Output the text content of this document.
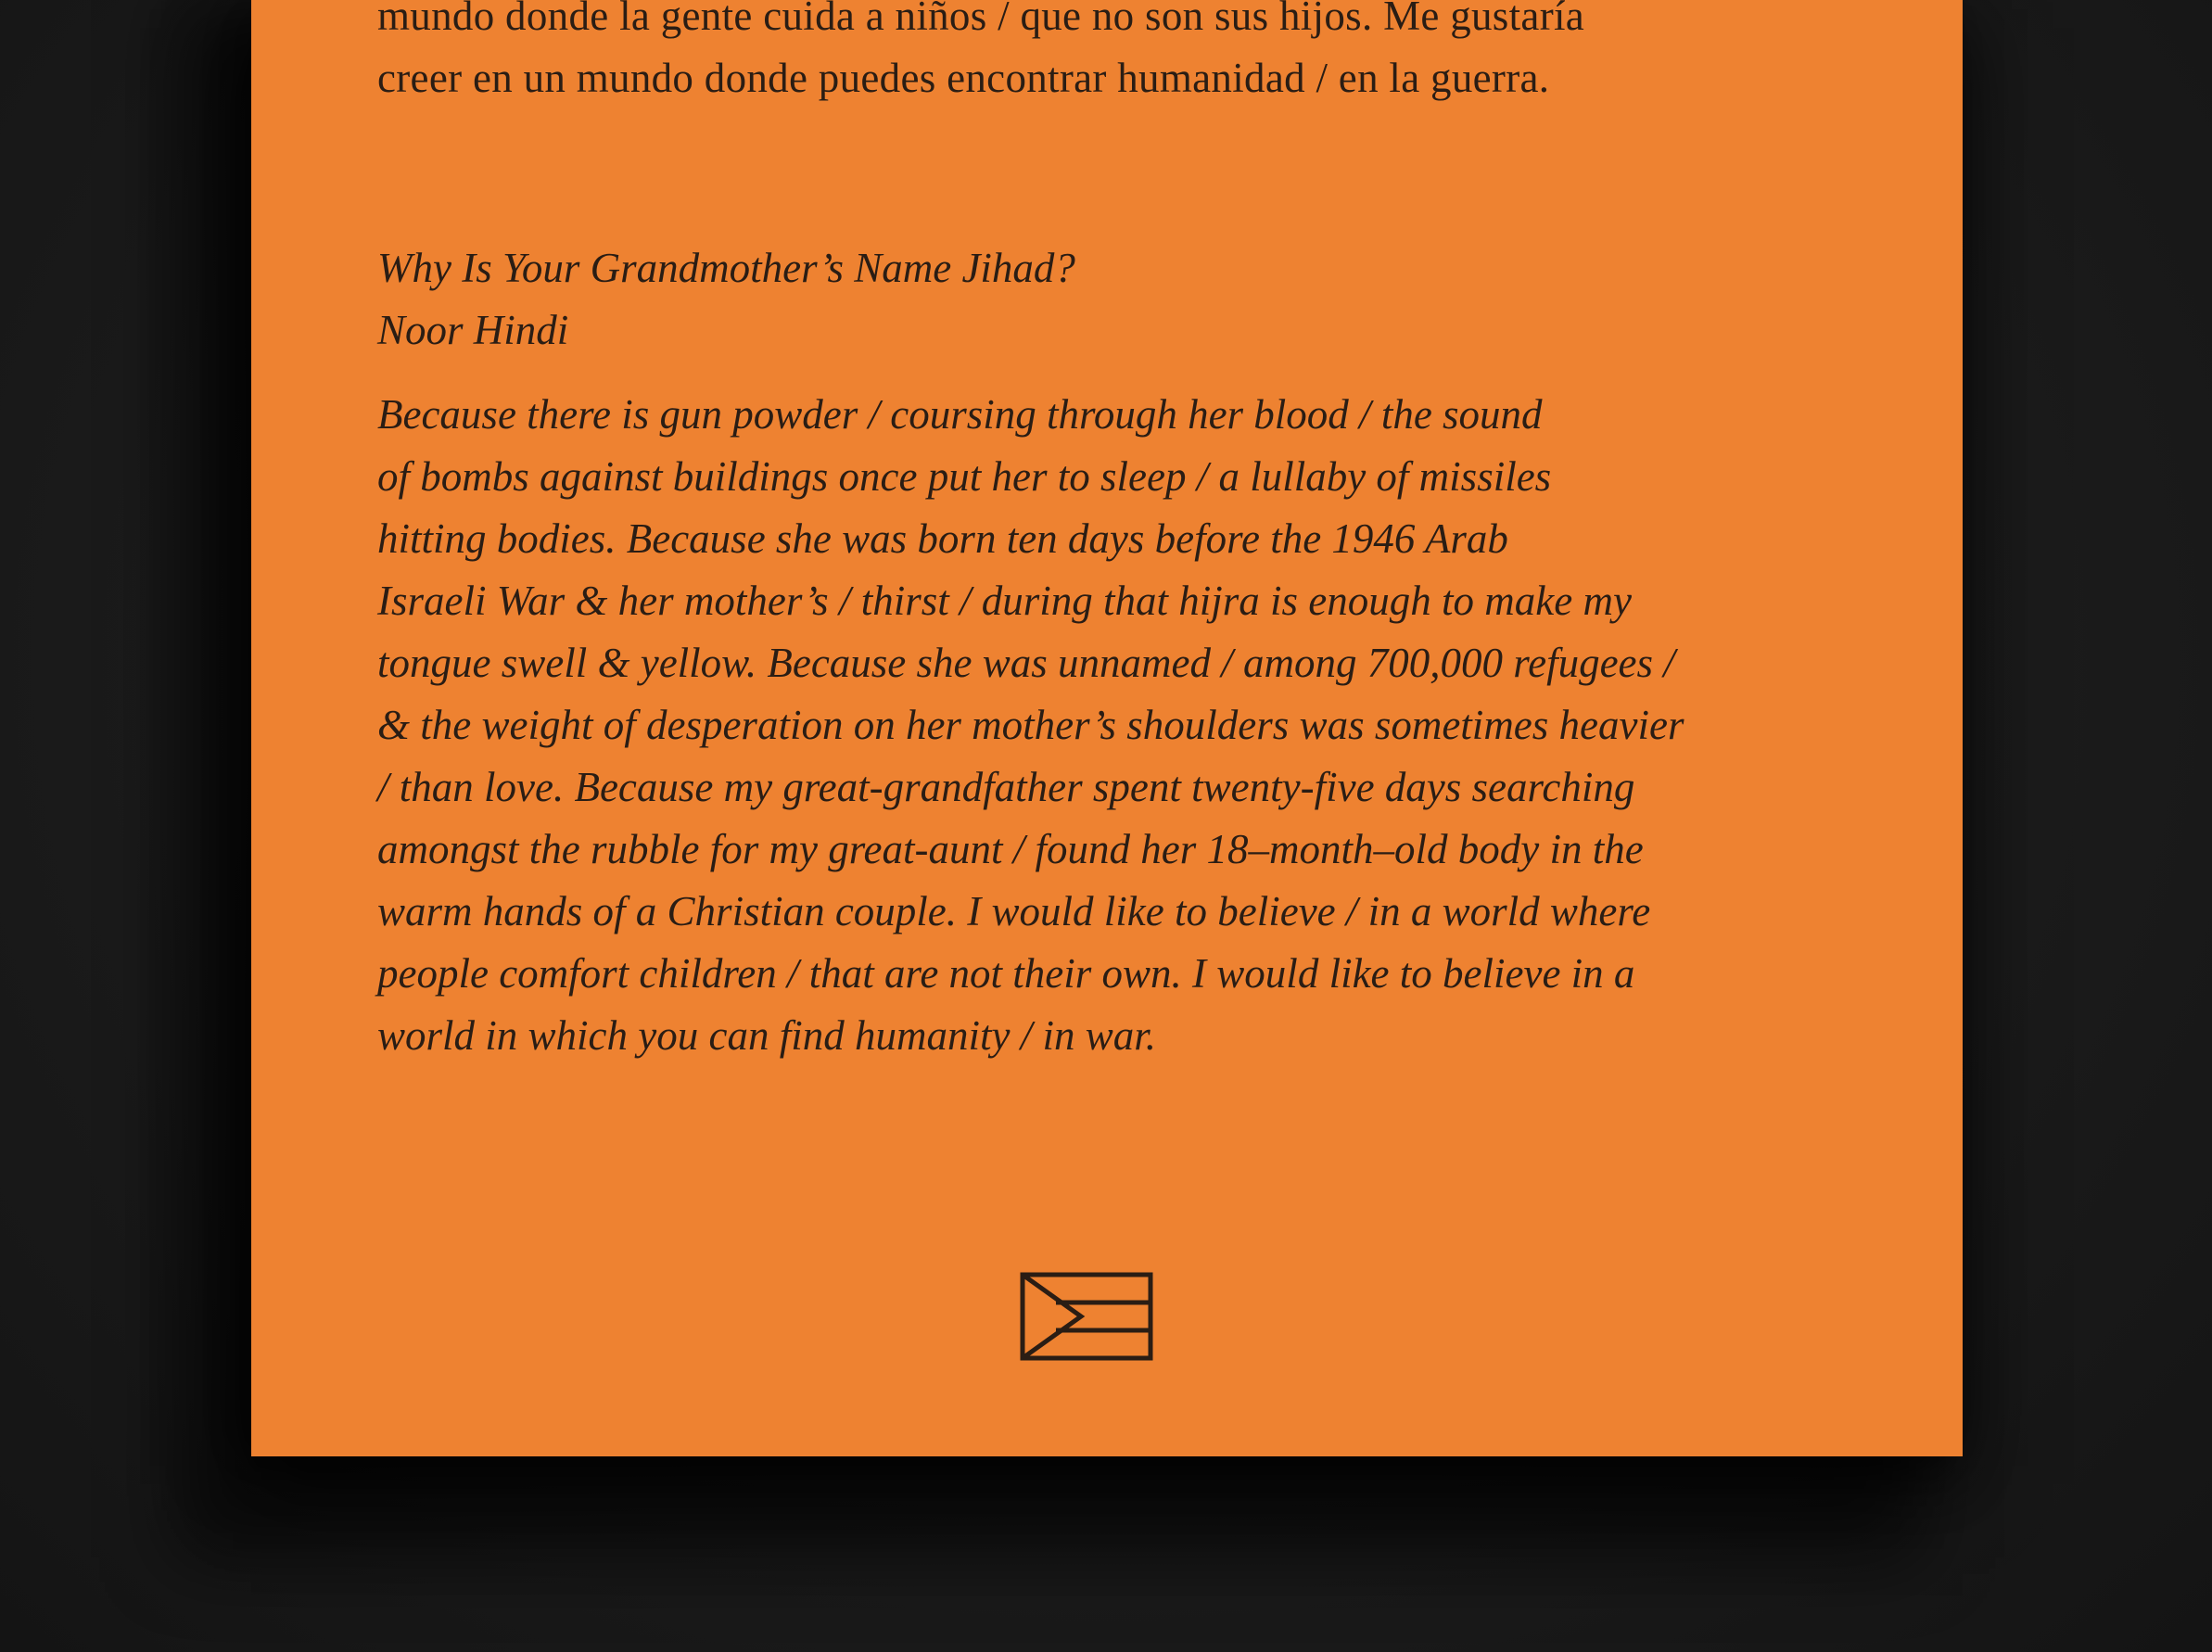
mundo donde la gente cuida a niños / que no son sus hijos. Me gustaría
creer en un mundo donde puedes encontrar humanidad / en la guerra.
Why Is Your Grandmother’s Name Jihad?
Noor Hindi
Because there is gun powder / coursing through her blood / the sound
of bombs against buildings once put her to sleep / a lullaby of missiles
hitting bodies. Because she was born ten days before the 1946 Arab
Israeli War & her mother’s / thirst / during that hijra is enough to make my
tongue swell & yellow. Because she was unnamed / among 700,000 refugees /
& the weight of desperation on her mother’s shoulders was sometimes heavier
/ than love. Because my great-grandfather spent twenty-five days searching
amongst the rubble for my great-aunt / found her 18–month–old body in the
warm hands of a Christian couple. I would like to believe / in a world where
people comfort children / that are not their own. I would like to believe in a
world in which you can find humanity / in war.
